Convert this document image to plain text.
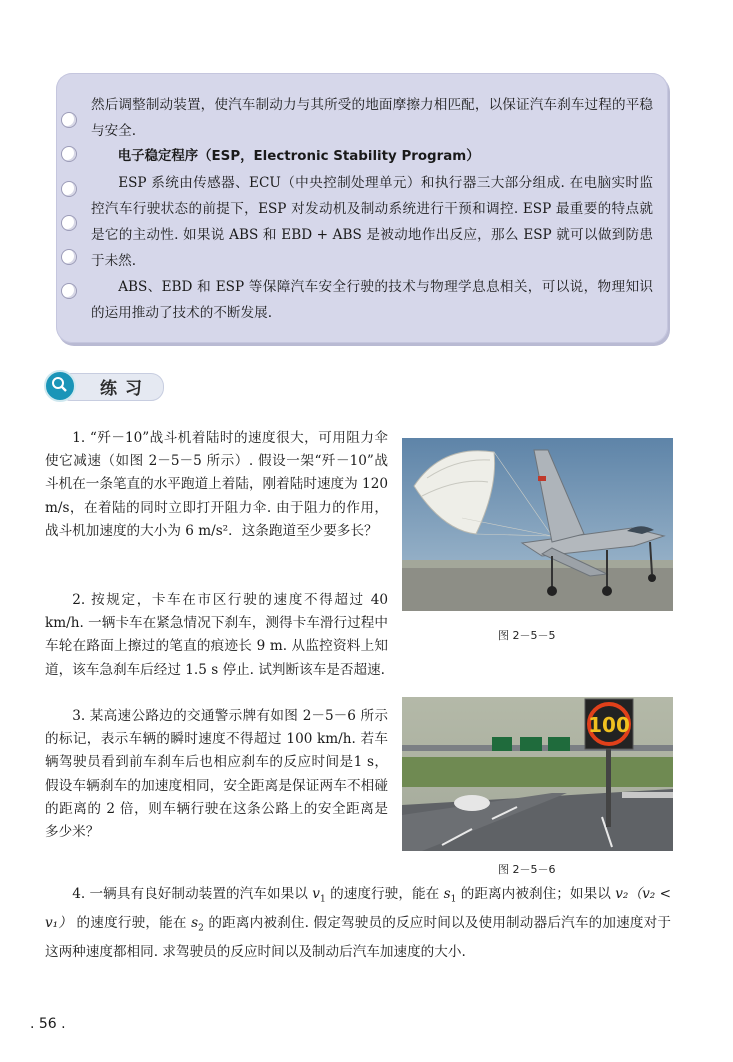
然后调整制动装置，使汽车制动力与其所受的地面摩擦力相匹配，以保证汽车刹车过程的平稳与安全.

电子稳定程序（ESP，Electronic Stability Program）

ESP 系统由传感器、ECU（中央控制处理单元）和执行器三大部分组成. 在电脑实时监控汽车行驶状态的前提下，ESP 对发动机及制动系统进行干预和调控. ESP 最重要的特点就是它的主动性. 如果说 ABS 和 EBD + ABS 是被动地作出反应，那么 ESP 就可以做到防患于未然.

ABS、EBD 和 ESP 等保障汽车安全行驶的技术与物理学息息相关，可以说，物理知识的运用推动了技术的不断发展.

练习

1. “歼－10”战斗机着陆时的速度很大，可用阻力伞使它减速（如图 2－5－5 所示）. 假设一架“歼－10”战斗机在一条笔直的水平跑道上着陆，刚着陆时速度为 120 m/s，在着陆的同时立即打开阻力伞. 由于阻力的作用，战斗机加速度的大小为 6 m/s²．这条跑道至少要多长？

2. 按规定，卡车在市区行驶的速度不得超过 40 km/h. 一辆卡车在紧急情况下刹车，测得卡车滑行过程中车轮在路面上擦过的笔直的痕迹长 9 m. 从监控资料上知道，该车急刹车后经过 1.5 s 停止. 试判断该车是否超速.

3. 某高速公路边的交通警示牌有如图 2－5－6 所示的标记，表示车辆的瞬时速度不得超过 100 km/h. 若车辆驾驶员看到前车刹车后也相应刹车的反应时间是1 s，假设车辆刹车的加速度相同，安全距离是保证两车不相碰的距离的 2 倍，则车辆行驶在这条公路上的安全距离是多少米？

4. 一辆具有良好制动装置的汽车如果以 $v_1$ 的速度行驶，能在 $s_1$ 的距离内被刹住；如果以 v₂（v₂ < v₁） 的速度行驶，能在 $s_2$ 的距离内被刹住. 假定驾驶员的反应时间以及使用制动器后汽车的加速度对于这两种速度都相同. 求驾驶员的反应时间以及制动后汽车加速度的大小.

图 2－5－5
100
图 2－5－6
. 56 .
